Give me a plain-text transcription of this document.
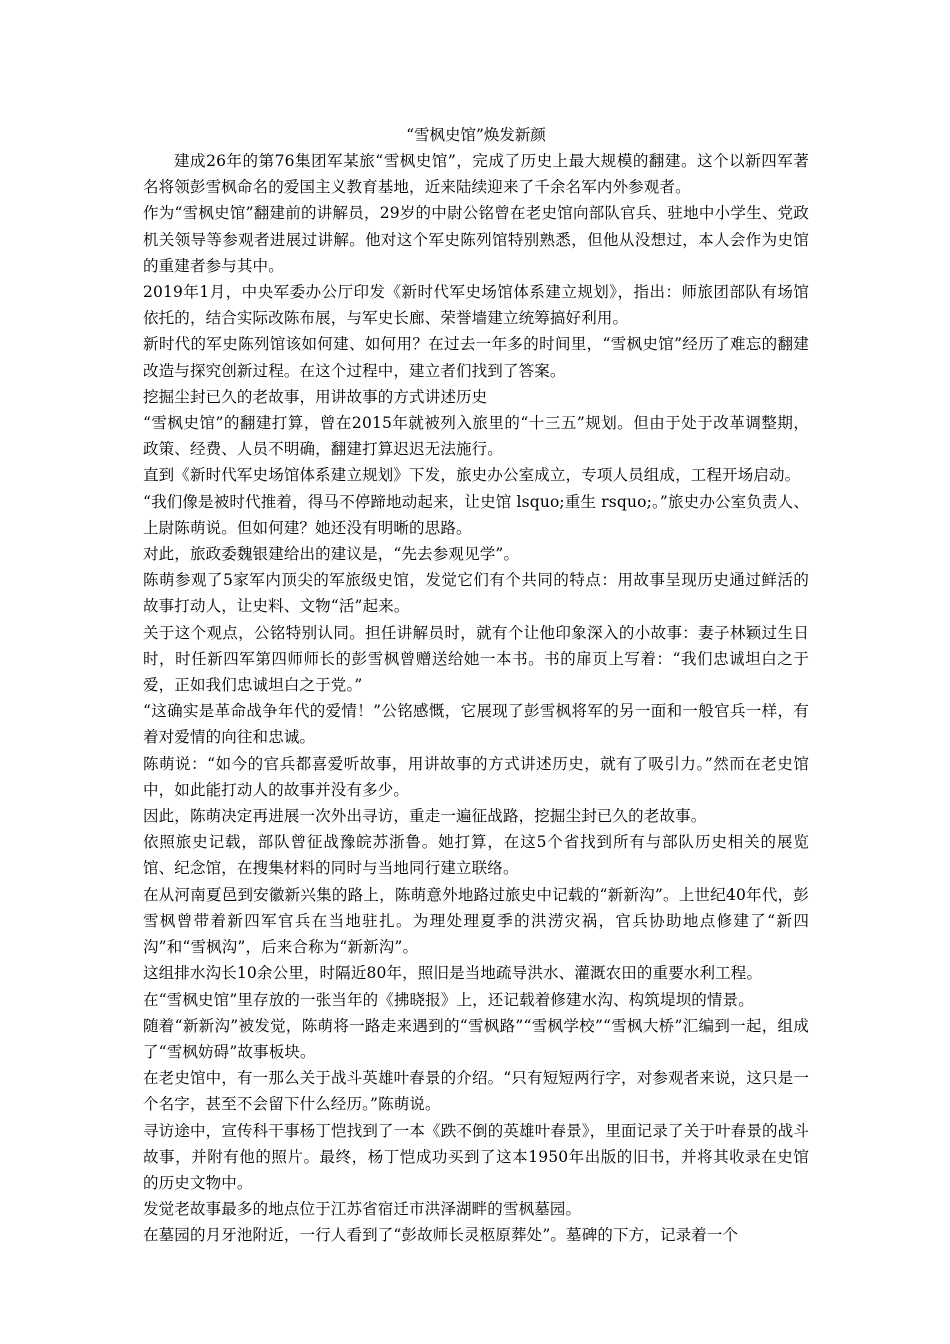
“雪枫史馆”焕发新颜

建成26年的第76集团军某旅“雪枫史馆”，完成了历史上最大规模的翻建。这个以新四军著名将领彭雪枫命名的爱国主义教育基地，近来陆续迎来了千余名军内外参观者。

作为“雪枫史馆”翻建前的讲解员，29岁的中尉公铭曾在老史馆向部队官兵、驻地中小学生、党政机关领导等参观者进展过讲解。他对这个军史陈列馆特别熟悉，但他从没想过，本人会作为史馆的重建者参与其中。

2019年1月，中央军委办公厅印发《新时代军史场馆体系建立规划》，指出：师旅团部队有场馆依托的，结合实际改陈布展，与军史长廊、荣誉墙建立统筹搞好利用。

新时代的军史陈列馆该如何建、如何用？在过去一年多的时间里，“雪枫史馆”经历了难忘的翻建改造与探究创新过程。在这个过程中，建立者们找到了答案。

挖掘尘封已久的老故事，用讲故事的方式讲述历史

“雪枫史馆”的翻建打算，曾在2015年就被列入旅里的“十三五”规划。但由于处于改革调整期，政策、经费、人员不明确，翻建打算迟迟无法施行。

直到《新时代军史场馆体系建立规划》下发，旅史办公室成立，专项人员组成，工程开场启动。

“我们像是被时代推着，得马不停蹄地动起来，让史馆 lsquo;重生 rsquo;。”旅史办公室负责人、上尉陈萌说。但如何建？她还没有明晰的思路。

对此，旅政委魏银建给出的建议是，“先去参观见学”。

陈萌参观了5家军内顶尖的军旅级史馆，发觉它们有个共同的特点：用故事呈现历史通过鲜活的故事打动人，让史料、文物“活”起来。

关于这个观点，公铭特别认同。担任讲解员时，就有个让他印象深入的小故事：妻子林颖过生日时，时任新四军第四师师长的彭雪枫曾赠送给她一本书。书的扉页上写着：“我们忠诚坦白之于爱，正如我们忠诚坦白之于党。”

“这确实是革命战争年代的爱情！”公铭感慨，它展现了彭雪枫将军的另一面和一般官兵一样，有着对爱情的向往和忠诚。

陈萌说：“如今的官兵都喜爱听故事，用讲故事的方式讲述历史，就有了吸引力。”然而在老史馆中，如此能打动人的故事并没有多少。

因此，陈萌决定再进展一次外出寻访，重走一遍征战路，挖掘尘封已久的老故事。

依照旅史记载，部队曾征战豫皖苏浙鲁。她打算，在这5个省找到所有与部队历史相关的展览馆、纪念馆，在搜集材料的同时与当地同行建立联络。

在从河南夏邑到安徽新兴集的路上，陈萌意外地路过旅史中记载的“新新沟”。上世纪40年代，彭雪枫曾带着新四军官兵在当地驻扎。为理处理夏季的洪涝灾祸，官兵协助地点修建了“新四沟”和“雪枫沟”，后来合称为“新新沟”。

这组排水沟长10余公里，时隔近80年，照旧是当地疏导洪水、灌溉农田的重要水利工程。

在“雪枫史馆”里存放的一张当年的《拂晓报》上，还记载着修建水沟、构筑堤坝的情景。

随着“新新沟”被发觉，陈萌将一路走来遇到的“雪枫路”“雪枫学校”“雪枫大桥”汇编到一起，组成了“雪枫妨碍”故事板块。

在老史馆中，有一那么关于战斗英雄叶春景的介绍。“只有短短两行字，对参观者来说，这只是一个名字，甚至不会留下什么经历。”陈萌说。

寻访途中，宣传科干事杨丁恺找到了一本《跌不倒的英雄叶春景》，里面记录了关于叶春景的战斗故事，并附有他的照片。最终，杨丁恺成功买到了这本1950年出版的旧书，并将其收录在史馆的历史文物中。

发觉老故事最多的地点位于江苏省宿迁市洪泽湖畔的雪枫墓园。

在墓园的月牙池附近，一行人看到了“彭故师长灵柩原葬处”。墓碑的下方，记录着一个
